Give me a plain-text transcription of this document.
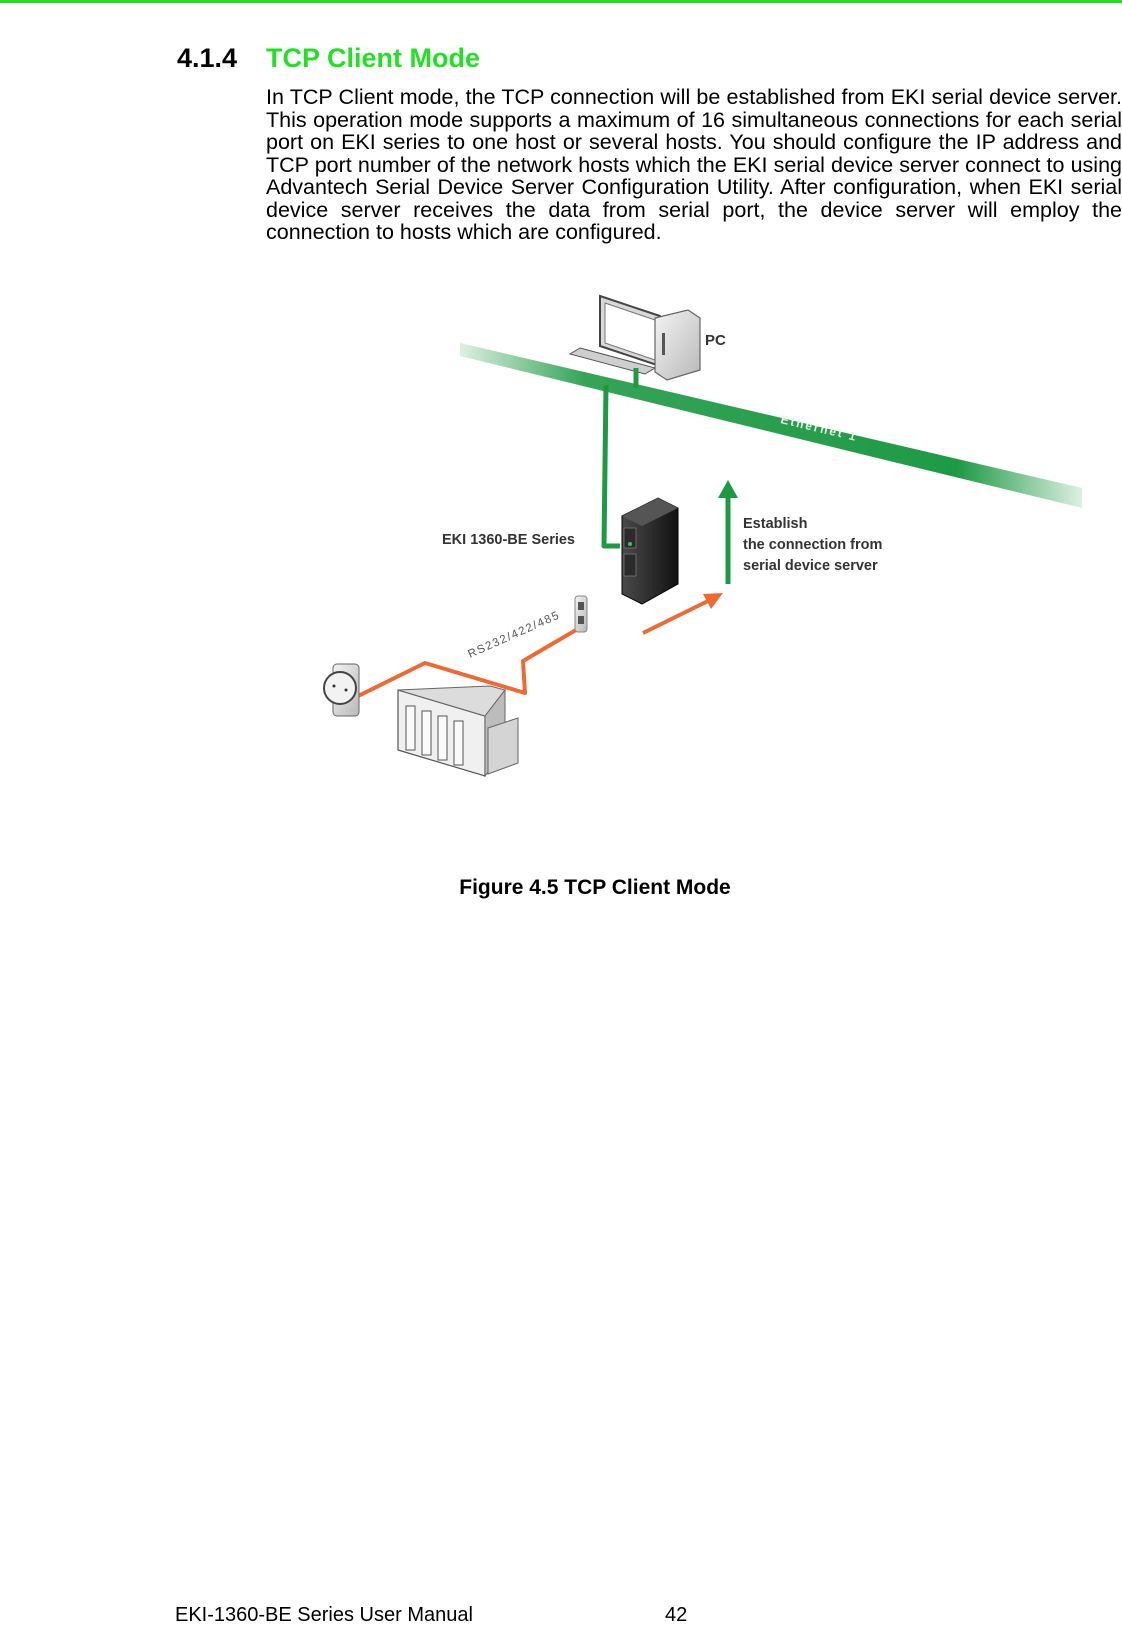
4.1.4 TCP Client Mode
In TCP Client mode, the TCP connection will be established from EKI serial device server. This operation mode supports a maximum of 16 simultaneous connections for each serial port on EKI series to one host or several hosts. You should configure the IP address and TCP port number of the network hosts which the EKI serial device server connect to using Advantech Serial Device Server Configuration Utility. After configuration, when EKI serial device server receives the data from serial port, the device server will employ the connection to hosts which are configured.
Ethernet 1
PC
EKI 1360-BE Series
Establish
the connection from
serial device server
RS232/422/485
Figure 4.5 TCP Client Mode
EKI-1360-BE Series User Manual	42
